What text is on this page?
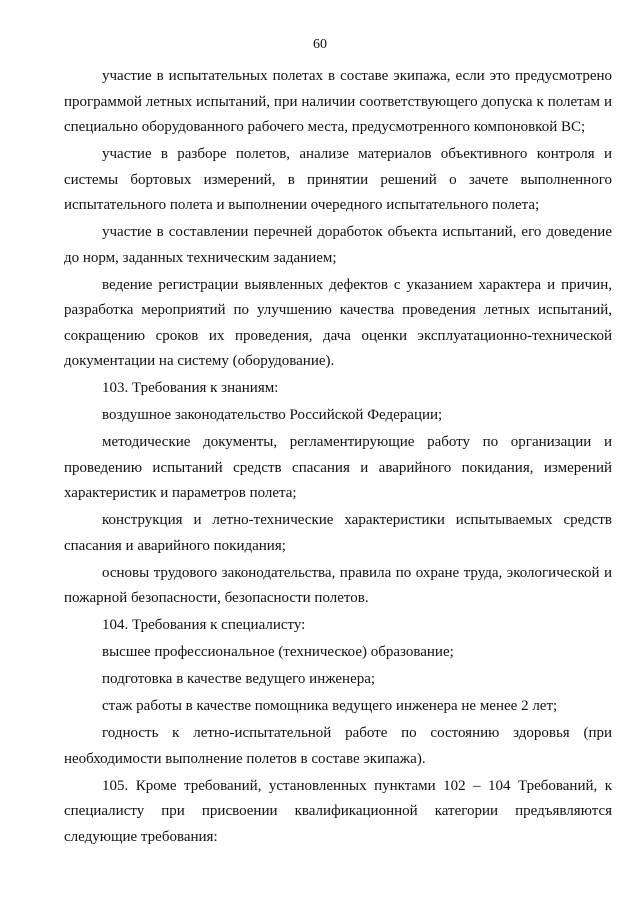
60

участие в испытательных полетах в составе экипажа, если это предусмотрено программой летных испытаний, при наличии соответствующего допуска к полетам и специально оборудованного рабочего места, предусмотренного компоновкой ВС;

участие в разборе полетов, анализе материалов объективного контроля и системы бортовых измерений, в принятии решений о зачете выполненного испытательного полета и выполнении очередного испытательного полета;

участие в составлении перечней доработок объекта испытаний, его доведение до норм, заданных техническим заданием;

ведение регистрации выявленных дефектов с указанием характера и причин, разработка мероприятий по улучшению качества проведения летных испытаний, сокращению сроков их проведения, дача оценки эксплуатационно-технической документации на систему (оборудование).

103. Требования к знаниям:

воздушное законодательство Российской Федерации;

методические документы, регламентирующие работу по организации и проведению испытаний средств спасания и аварийного покидания, измерений характеристик и параметров полета;

конструкция и летно-технические характеристики испытываемых средств спасания и аварийного покидания;

основы трудового законодательства, правила по охране труда, экологической и пожарной безопасности, безопасности полетов.

104. Требования к специалисту:

высшее профессиональное (техническое) образование;

подготовка в качестве ведущего инженера;

стаж работы в качестве помощника ведущего инженера не менее 2 лет;

годность к летно-испытательной работе по состоянию здоровья (при необходимости выполнение полетов в составе экипажа).

105. Кроме требований, установленных пунктами 102 – 104 Требований, к специалисту при присвоении квалификационной категории предъявляются следующие требования:
